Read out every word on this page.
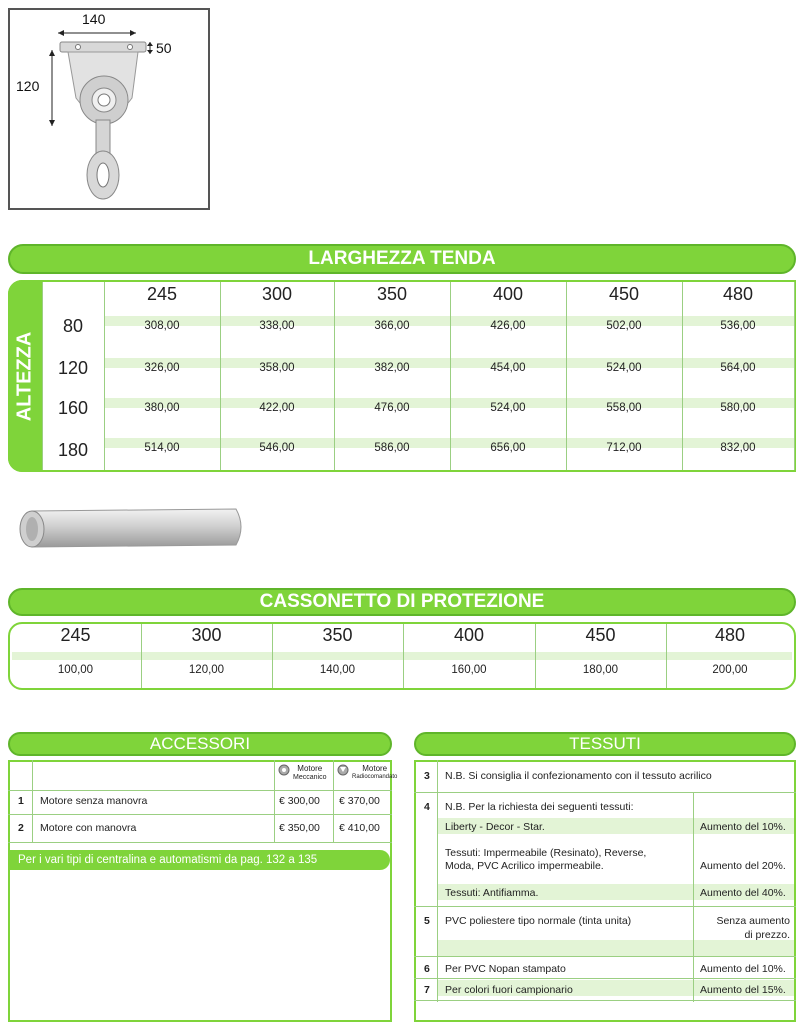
140
120
50
LARGHEZZA TENDA
ALTEZZA
245	300	350	400	450	480
80	308,00	338,00	366,00	426,00	502,00	536,00
120	326,00	358,00	382,00	454,00	524,00	564,00
160	380,00	422,00	476,00	524,00	558,00	580,00
180	514,00	546,00	586,00	656,00	712,00	832,00
CASSONETTO DI PROTEZIONE
245	300	350	400	450	480
100,00	120,00	140,00	160,00	180,00	200,00
ACCESSORI
Motore
Meccanico
Motore
Radiocomandato
1 Motore senza manovra	€ 300,00 € 370,00
2 Motore con manovra	€ 350,00 € 410,00
Per i vari tipi di centralina e automatismi da pag. 132 a 135
TESSUTI
3 N.B. Si consiglia il confezionamento con il tessuto acrilico
4 N.B. Per la richiesta dei seguenti tessuti:
Liberty - Decor - Star.	Aumento del 10%.
Tessuti: Impermeabile (Resinato), Reverse,
Moda, PVC Acrilico impermeabile.	Aumento del 20%.
Tessuti: Antifiamma.	Aumento del 40%.
5 PVC poliestere tipo normale (tinta unita)	Senza aumento
di prezzo.
6 Per PVC Nopan stampato	Aumento del 10%.
7 Per colori fuori campionario	Aumento del 15%.
